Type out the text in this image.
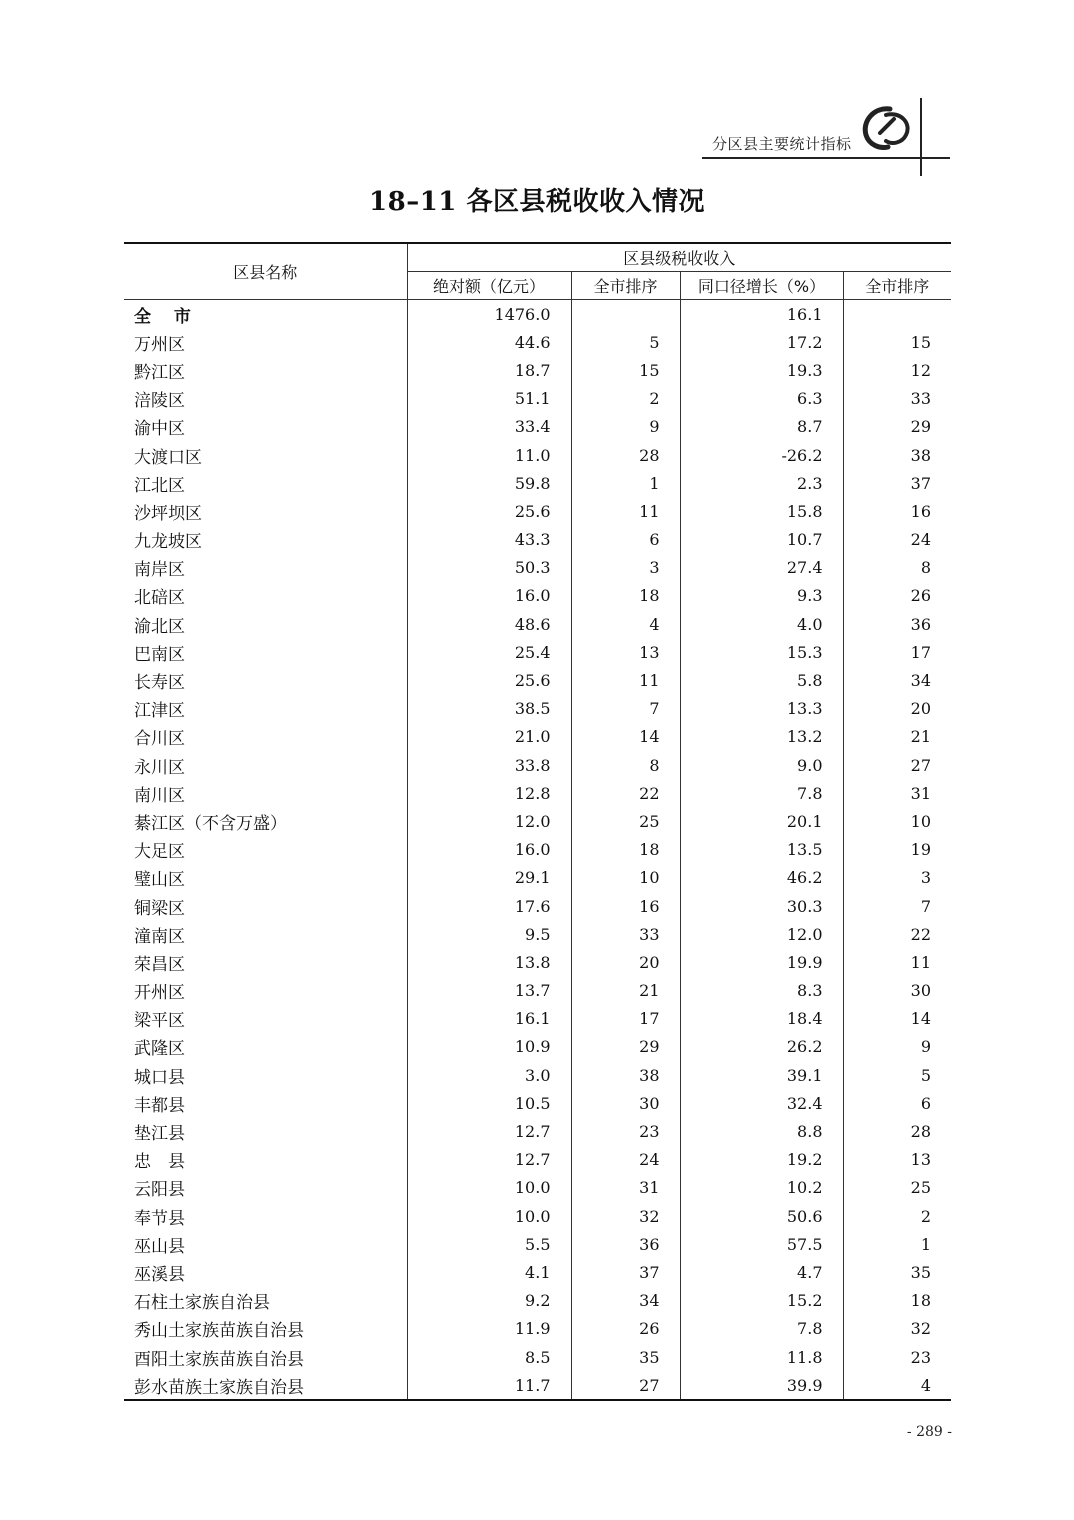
分区县主要统计指标
18–11 各区县税收收入情况
区县名称	区县级税收收入			
	绝对额（亿元）	全市排序	同口径增长（%）	全市排序
全　 市	1476.0		16.1	
万州区	44.6	5	17.2	15
黔江区	18.7	15	19.3	12
涪陵区	51.1	2	6.3	33
渝中区	33.4	9	8.7	29
大渡口区	11.0	28	-26.2	38
江北区	59.8	1	2.3	37
沙坪坝区	25.6	11	15.8	16
九龙坡区	43.3	6	10.7	24
南岸区	50.3	3	27.4	8
北碚区	16.0	18	9.3	26
渝北区	48.6	4	4.0	36
巴南区	25.4	13	15.3	17
长寿区	25.6	11	5.8	34
江津区	38.5	7	13.3	20
合川区	21.0	14	13.2	21
永川区	33.8	8	9.0	27
南川区	12.8	22	7.8	31
綦江区（不含万盛）	12.0	25	20.1	10
大足区	16.0	18	13.5	19
璧山区	29.1	10	46.2	3
铜梁区	17.6	16	30.3	7
潼南区	9.5	33	12.0	22
荣昌区	13.8	20	19.9	11
开州区	13.7	21	8.3	30
梁平区	16.1	17	18.4	14
武隆区	10.9	29	26.2	9
城口县	3.0	38	39.1	5
丰都县	10.5	30	32.4	6
垫江县	12.7	23	8.8	28
忠　县	12.7	24	19.2	13
云阳县	10.0	31	10.2	25
奉节县	10.0	32	50.6	2
巫山县	5.5	36	57.5	1
巫溪县	4.1	37	4.7	35
石柱土家族自治县	9.2	34	15.2	18
秀山土家族苗族自治县	11.9	26	7.8	32
酉阳土家族苗族自治县	8.5	35	11.8	23
彭水苗族土家族自治县	11.7	27	39.9	4
- 289 -
